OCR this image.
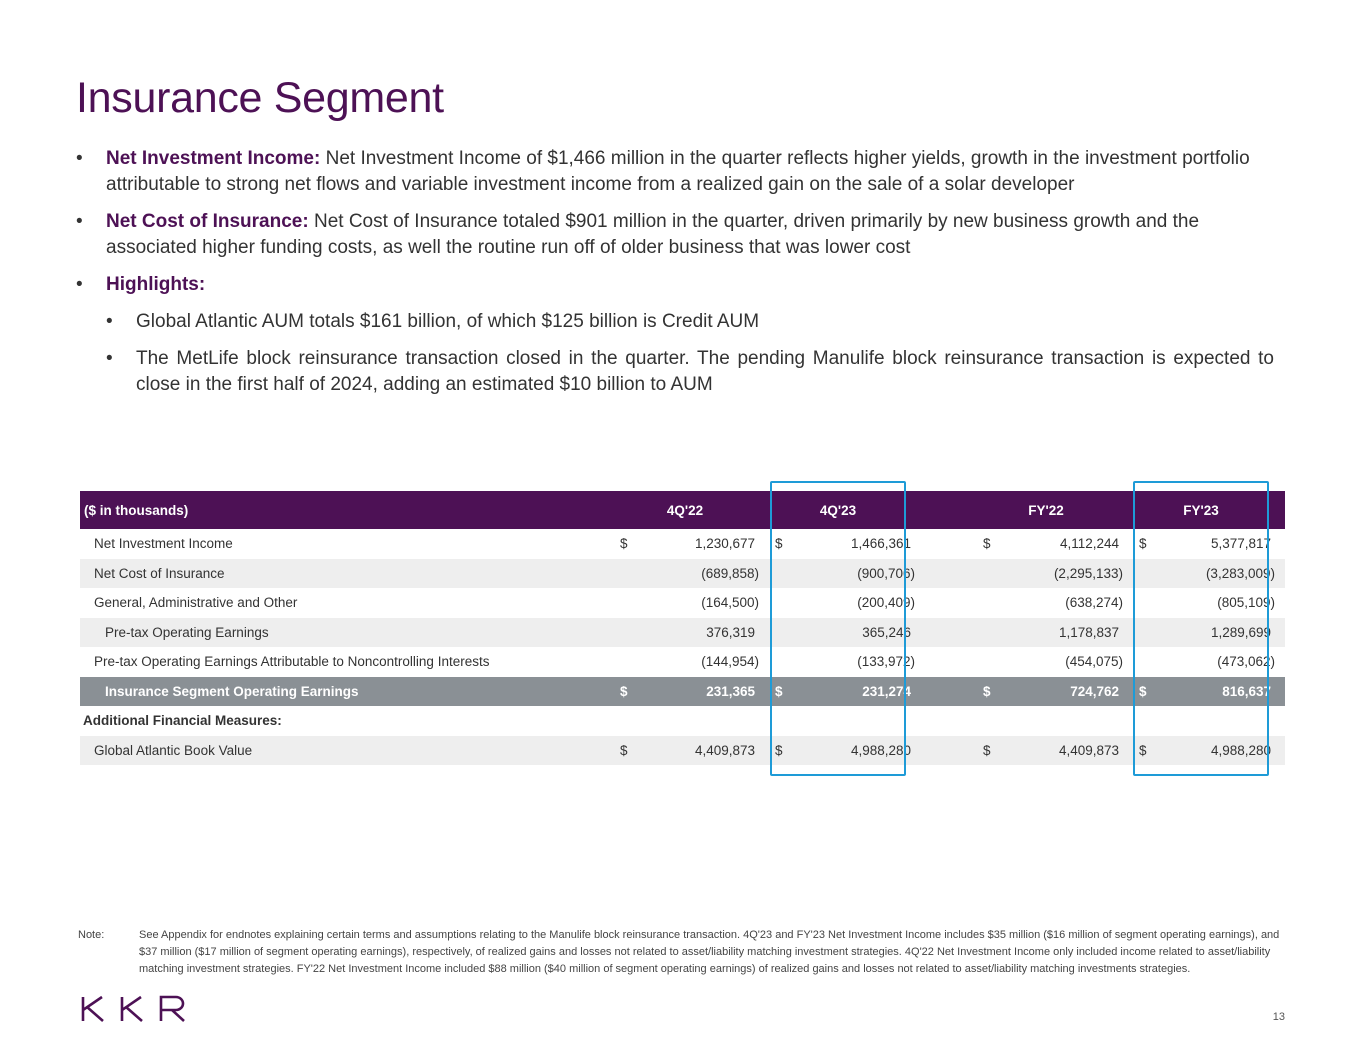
Insurance Segment
• Net Investment Income: Net Investment Income of $1,466 million in the quarter reflects higher yields, growth in the investment portfolio attributable to strong net flows and variable investment income from a realized gain on the sale of a solar developer
• Net Cost of Insurance: Net Cost of Insurance totaled $901 million in the quarter, driven primarily by new business growth and the associated higher funding costs, as well the routine run off of older business that was lower cost
• Highlights:
• Global Atlantic AUM totals $161 billion, of which $125 billion is Credit AUM
• The MetLife block reinsurance transaction closed in the quarter. The pending Manulife block reinsurance transaction is expected to close in the first half of 2024, adding an estimated $10 billion to AUM
($ in thousands)	4Q'22	4Q'23	FY'22	FY'23
Net Investment Income	$	1,230,677 $	1,466,361	$	4,112,244 $	5,377,817
Net Cost of Insurance	(689,858)	(900,706)	(2,295,133)	(3,283,009)
General, Administrative and Other	(164,500)	(200,409)	(638,274)	(805,109)
Pre-tax Operating Earnings	376,319	365,246	1,178,837	1,289,699
Pre-tax Operating Earnings Attributable to Noncontrolling Interests	(144,954)	(133,972)	(454,075)	(473,062)
Insurance Segment Operating Earnings	$	231,365 $	231,274	$	724,762 $	816,637
Additional Financial Measures:
Global Atlantic Book Value	$	4,409,873 $	4,988,280	$	4,409,873 $	4,988,280
Note:	See Appendix for endnotes explaining certain terms and assumptions relating to the Manulife block reinsurance transaction. 4Q'23 and FY'23 Net Investment Income includes $35 million ($16 million of segment operating earnings), and $37 million ($17 million of segment operating earnings), respectively, of realized gains and losses not related to asset/liability matching investment strategies. 4Q'22 Net Investment Income only included income related to asset/liability matching investment strategies. FY'22 Net Investment Income included $88 million ($40 million of segment operating earnings) of realized gains and losses not related to asset/liability matching investments strategies.
13
